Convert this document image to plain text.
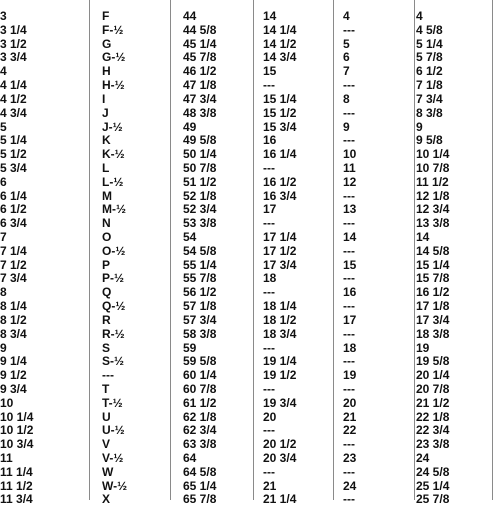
3	F	44	14	4	4
3 1/4	F-½	44 5/8	14 1/4	---	4 5/8
3 1/2	G	45 1/4	14 1/2	5	5 1/4
3 3/4	G-½	45 7/8	14 3/4	6	5 7/8
4	H	46 1/2	15	7	6 1/2
4 1/4	H-½	47 1/8	---	---	7 1/8
4 1/2	I	47 3/4	15 1/4	8	7 3/4
4 3/4	J	48 3/8	15 1/2	---	8 3/8
5	J-½	49	15 3/4	9	9
5 1/4	K	49 5/8	16	---	9 5/8
5 1/2	K-½	50 1/4	16 1/4	10	10 1/4
5 3/4	L	50 7/8	---	11	10 7/8
6	L-½	51 1/2	16 1/2	12	11 1/2
6 1/4	M	52 1/8	16 3/4	---	12 1/8
6 1/2	M-½	52 3/4	17	13	12 3/4
6 3/4	N	53 3/8	---	---	13 3/8
7	O	54	17 1/4	14	14
7 1/4	O-½	54 5/8	17 1/2	---	14 5/8
7 1/2	P	55 1/4	17 3/4	15	15 1/4
7 3/4	P-½	55 7/8	18	---	15 7/8
8	Q	56 1/2	---	16	16 1/2
8 1/4	Q-½	57 1/8	18 1/4	---	17 1/8
8 1/2	R	57 3/4	18 1/2	17	17 3/4
8 3/4	R-½	58 3/8	18 3/4	---	18 3/8
9	S	59	---	18	19
9 1/4	S-½	59 5/8	19 1/4	---	19 5/8
9 1/2	---	60 1/4	19 1/2	19	20 1/4
9 3/4	T	60 7/8	---	---	20 7/8
10	T-½	61 1/2	19 3/4	20	21 1/2
10 1/4	U	62 1/8	20	21	22 1/8
10 1/2	U-½	62 3/4	---	22	22 3/4
10 3/4	V	63 3/8	20 1/2	---	23 3/8
11	V-½	64	20 3/4	23	24
11 1/4	W	64 5/8	---	---	24 5/8
11 1/2	W-½	65 1/4	21	24	25 1/4
11 3/4	X	65 7/8	21 1/4	---	25 7/8
